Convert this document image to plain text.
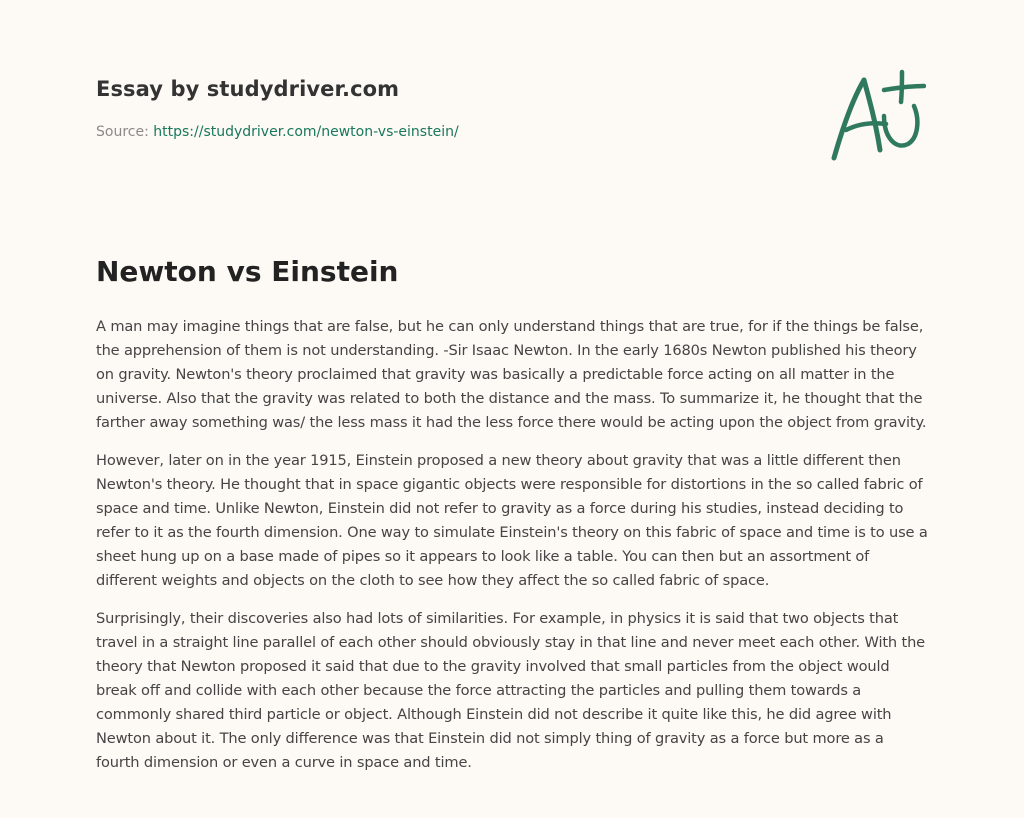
Essay by studydriver.com
Source: https://studydriver.com/newton-vs-einstein/
Newton vs Einstein

A man may imagine things that are false, but he can only understand things that are true, for if the things be false, the apprehension of them is not understanding. -Sir Isaac Newton. In the early 1680s Newton published his theory on gravity. Newton's theory proclaimed that gravity was basically a predictable force acting on all matter in the universe. Also that the gravity was related to both the distance and the mass. To summarize it, he thought that the farther away something was/ the less mass it had the less force there would be acting upon the object from gravity.

However, later on in the year 1915, Einstein proposed a new theory about gravity that was a little different then Newton's theory. He thought that in space gigantic objects were responsible for distortions in the so called fabric of space and time. Unlike Newton, Einstein did not refer to gravity as a force during his studies, instead deciding to refer to it as the fourth dimension. One way to simulate Einstein's theory on this fabric of space and time is to use a sheet hung up on a base made of pipes so it appears to look like a table. You can then but an assortment of different weights and objects on the cloth to see how they affect the so called fabric of space.

Surprisingly, their discoveries also had lots of similarities. For example, in physics it is said that two objects that travel in a straight line parallel of each other should obviously stay in that line and never meet each other. With the theory that Newton proposed it said that due to the gravity involved that small particles from the object would break off and collide with each other because the force attracting the particles and pulling them towards a commonly shared third particle or object. Although Einstein did not describe it quite like this, he did agree with Newton about it. The only difference was that Einstein did not simply thing of gravity as a force but more as a fourth dimension or even a curve in space and time.
